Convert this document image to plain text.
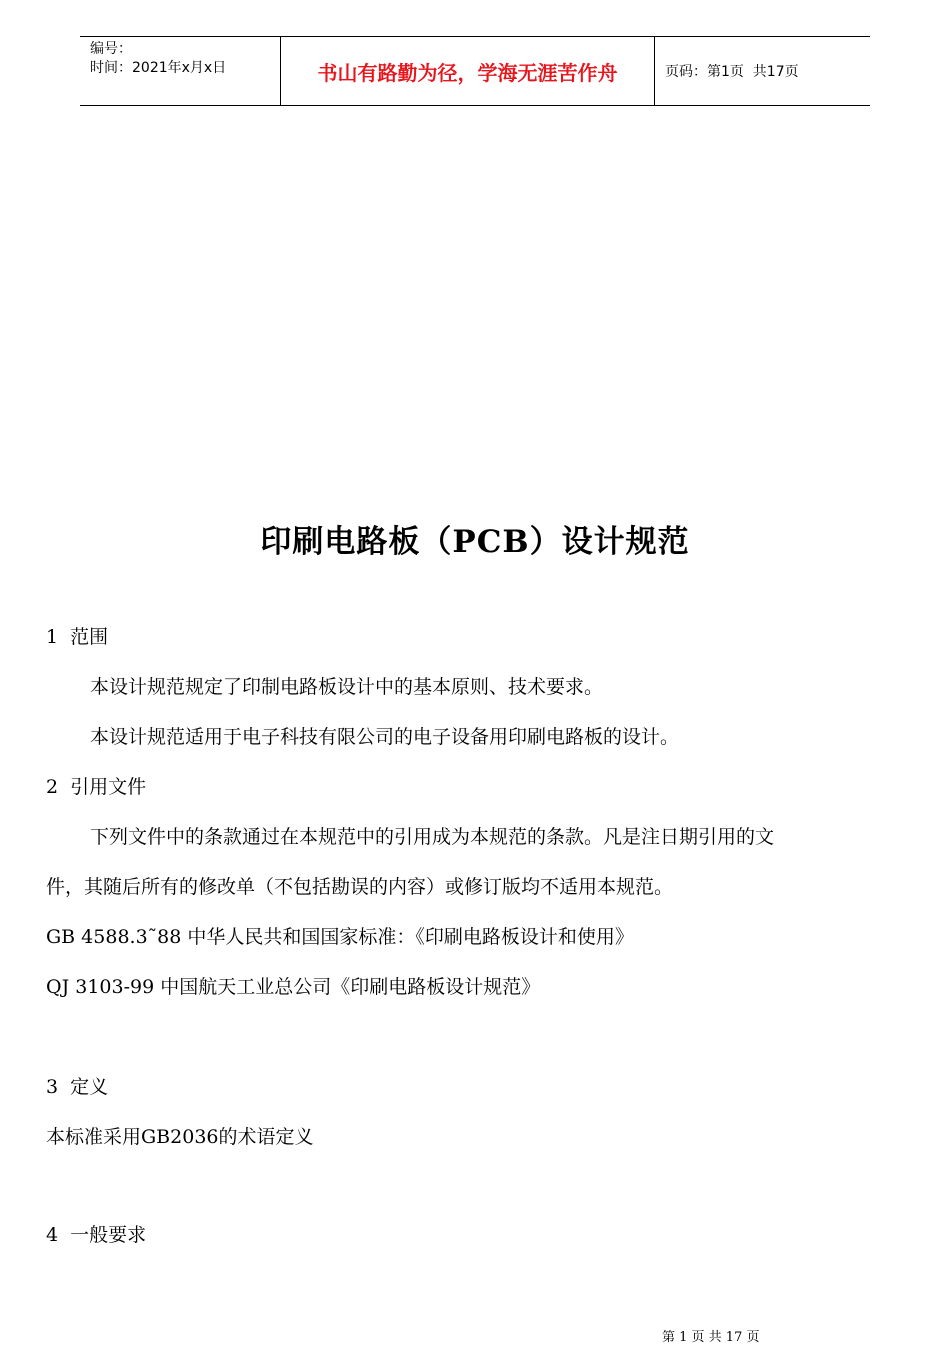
编号：
时间：2021年x月x日	书山有路勤为径，学海无涯苦作舟	页码：第1页  共17页
印刷电路板（PCB）设计规范
1  范围
本设计规范规定了印制电路板设计中的基本原则、技术要求。
本设计规范适用于电子科技有限公司的电子设备用印刷电路板的设计。
2  引用文件
下列文件中的条款通过在本规范中的引用成为本规范的条款。凡是注日期引用的文
件，其随后所有的修改单（不包括勘误的内容）或修订版均不适用本规范。
GB 4588.3˜88 中华人民共和国国家标准：《印刷电路板设计和使用》
QJ 3103-99 中国航天工业总公司《印刷电路板设计规范》
3  定义
本标准采用GB2036的术语定义
4  一般要求
第 1 页 共 17 页
